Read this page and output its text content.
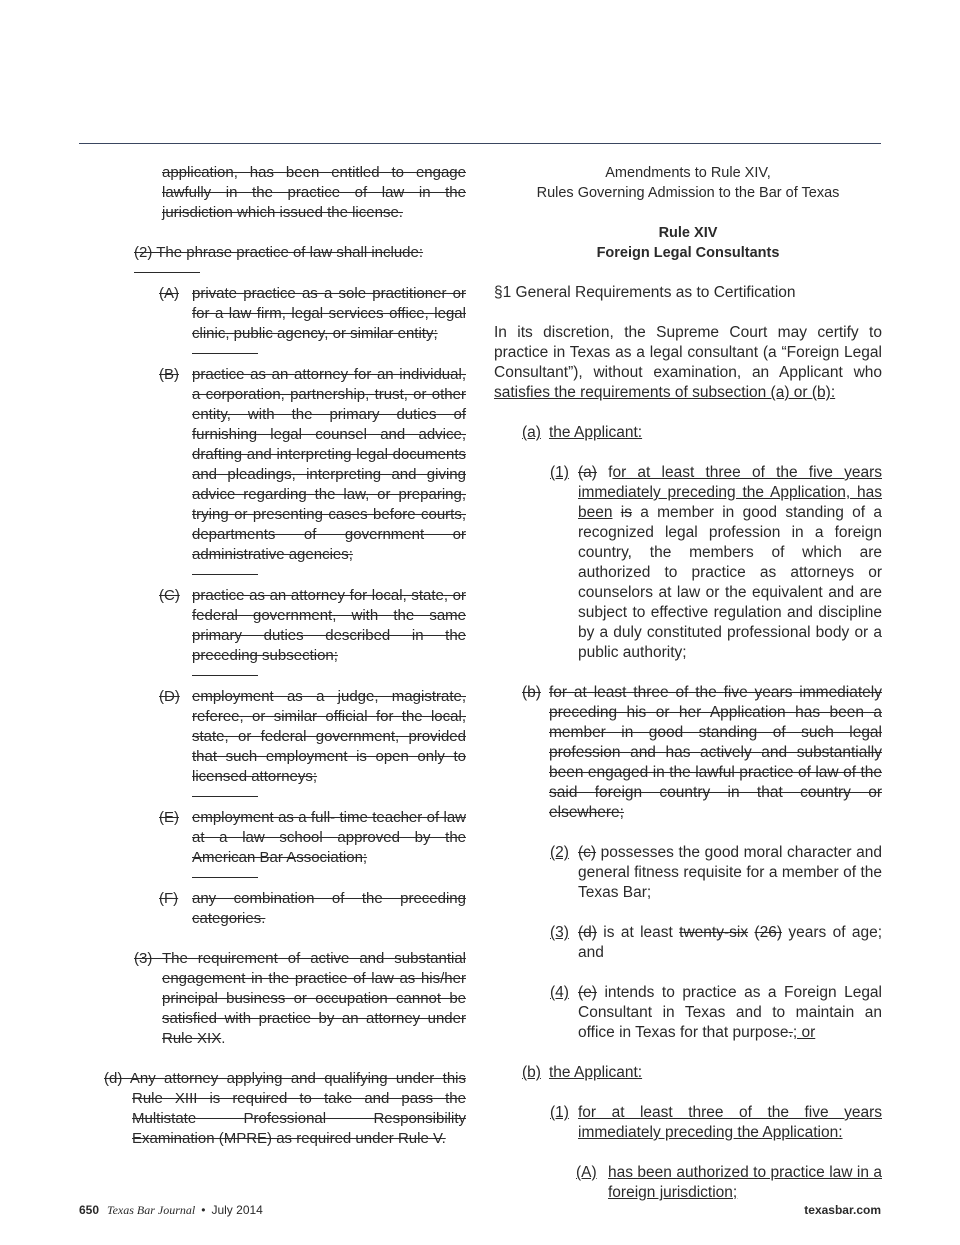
application, has been entitled to engage lawfully in the practice of law in the jurisdiction which issued the license.

(2) The phrase practice of law shall include:

(A) private practice as a sole practitioner or for a law firm, legal services office, legal clinic, public agency, or similar entity;

(B) practice as an attorney for an individual, a corporation, partnership, trust, or other entity, with the primary duties of furnishing legal counsel and advice, drafting and interpreting legal documents and pleadings, interpreting and giving advice regarding the law, or preparing, trying or presenting cases before courts, departments of government or administrative agencies;

(C) practice as an attorney for local, state, or federal government, with the same primary duties described in the preceding subsection;

(D) employment as a judge, magistrate, referee, or similar official for the local, state, or federal government, provided that such employment is open only to licensed attorneys;

(E) employment as a full- time teacher of law at a law school approved by the American Bar Association;

(F) any combination of the preceding categories.

(3) The requirement of active and substantial engagement in the practice of law as his/her principal business or occupation cannot be satisfied with practice by an attorney under Rule XIX.

(d) Any attorney applying and qualifying under this Rule XIII is required to take and pass the Multistate Professional Responsibility Examination (MPRE) as required under Rule V.

Amendments to Rule XIV,
Rules Governing Admission to the Bar of Texas
Rule XIV
Foreign Legal Consultants

§1 General Requirements as to Certification

In its discretion, the Supreme Court may certify to practice in Texas as a legal consultant (a “Foreign Legal Consultant”), without examination, an Applicant who satisfies the requirements of subsection (a) or (b):

(a) the Applicant:

(1) (a) for at least three of the five years immediately preceding the Application, has been is a member in good standing of a recognized legal profession in a foreign country, the members of which are authorized to practice as attorneys or counselors at law or the equivalent and are subject to effective regulation and discipline by a duly constituted professional body or a public authority;

(b) for at least three of the five years immediately preceding his or her Application has been a member in good standing of such legal profession and has actively and substantially been engaged in the lawful practice of law of the said foreign country in that country or elsewhere;

(2) (c) possesses the good moral character and general fitness requisite for a member of the Texas Bar;

(3) (d) is at least twenty-six (26) years of age; and

(4) (e) intends to practice as a Foreign Legal Consultant in Texas and to maintain an office in Texas for that purpose.; or

(b) the Applicant:

(1) for at least three of the five years immediately preceding the Application:

(A) has been authorized to practice law in a foreign jurisdiction;

650 Texas Bar Journal • July 2014	texasbar.com
